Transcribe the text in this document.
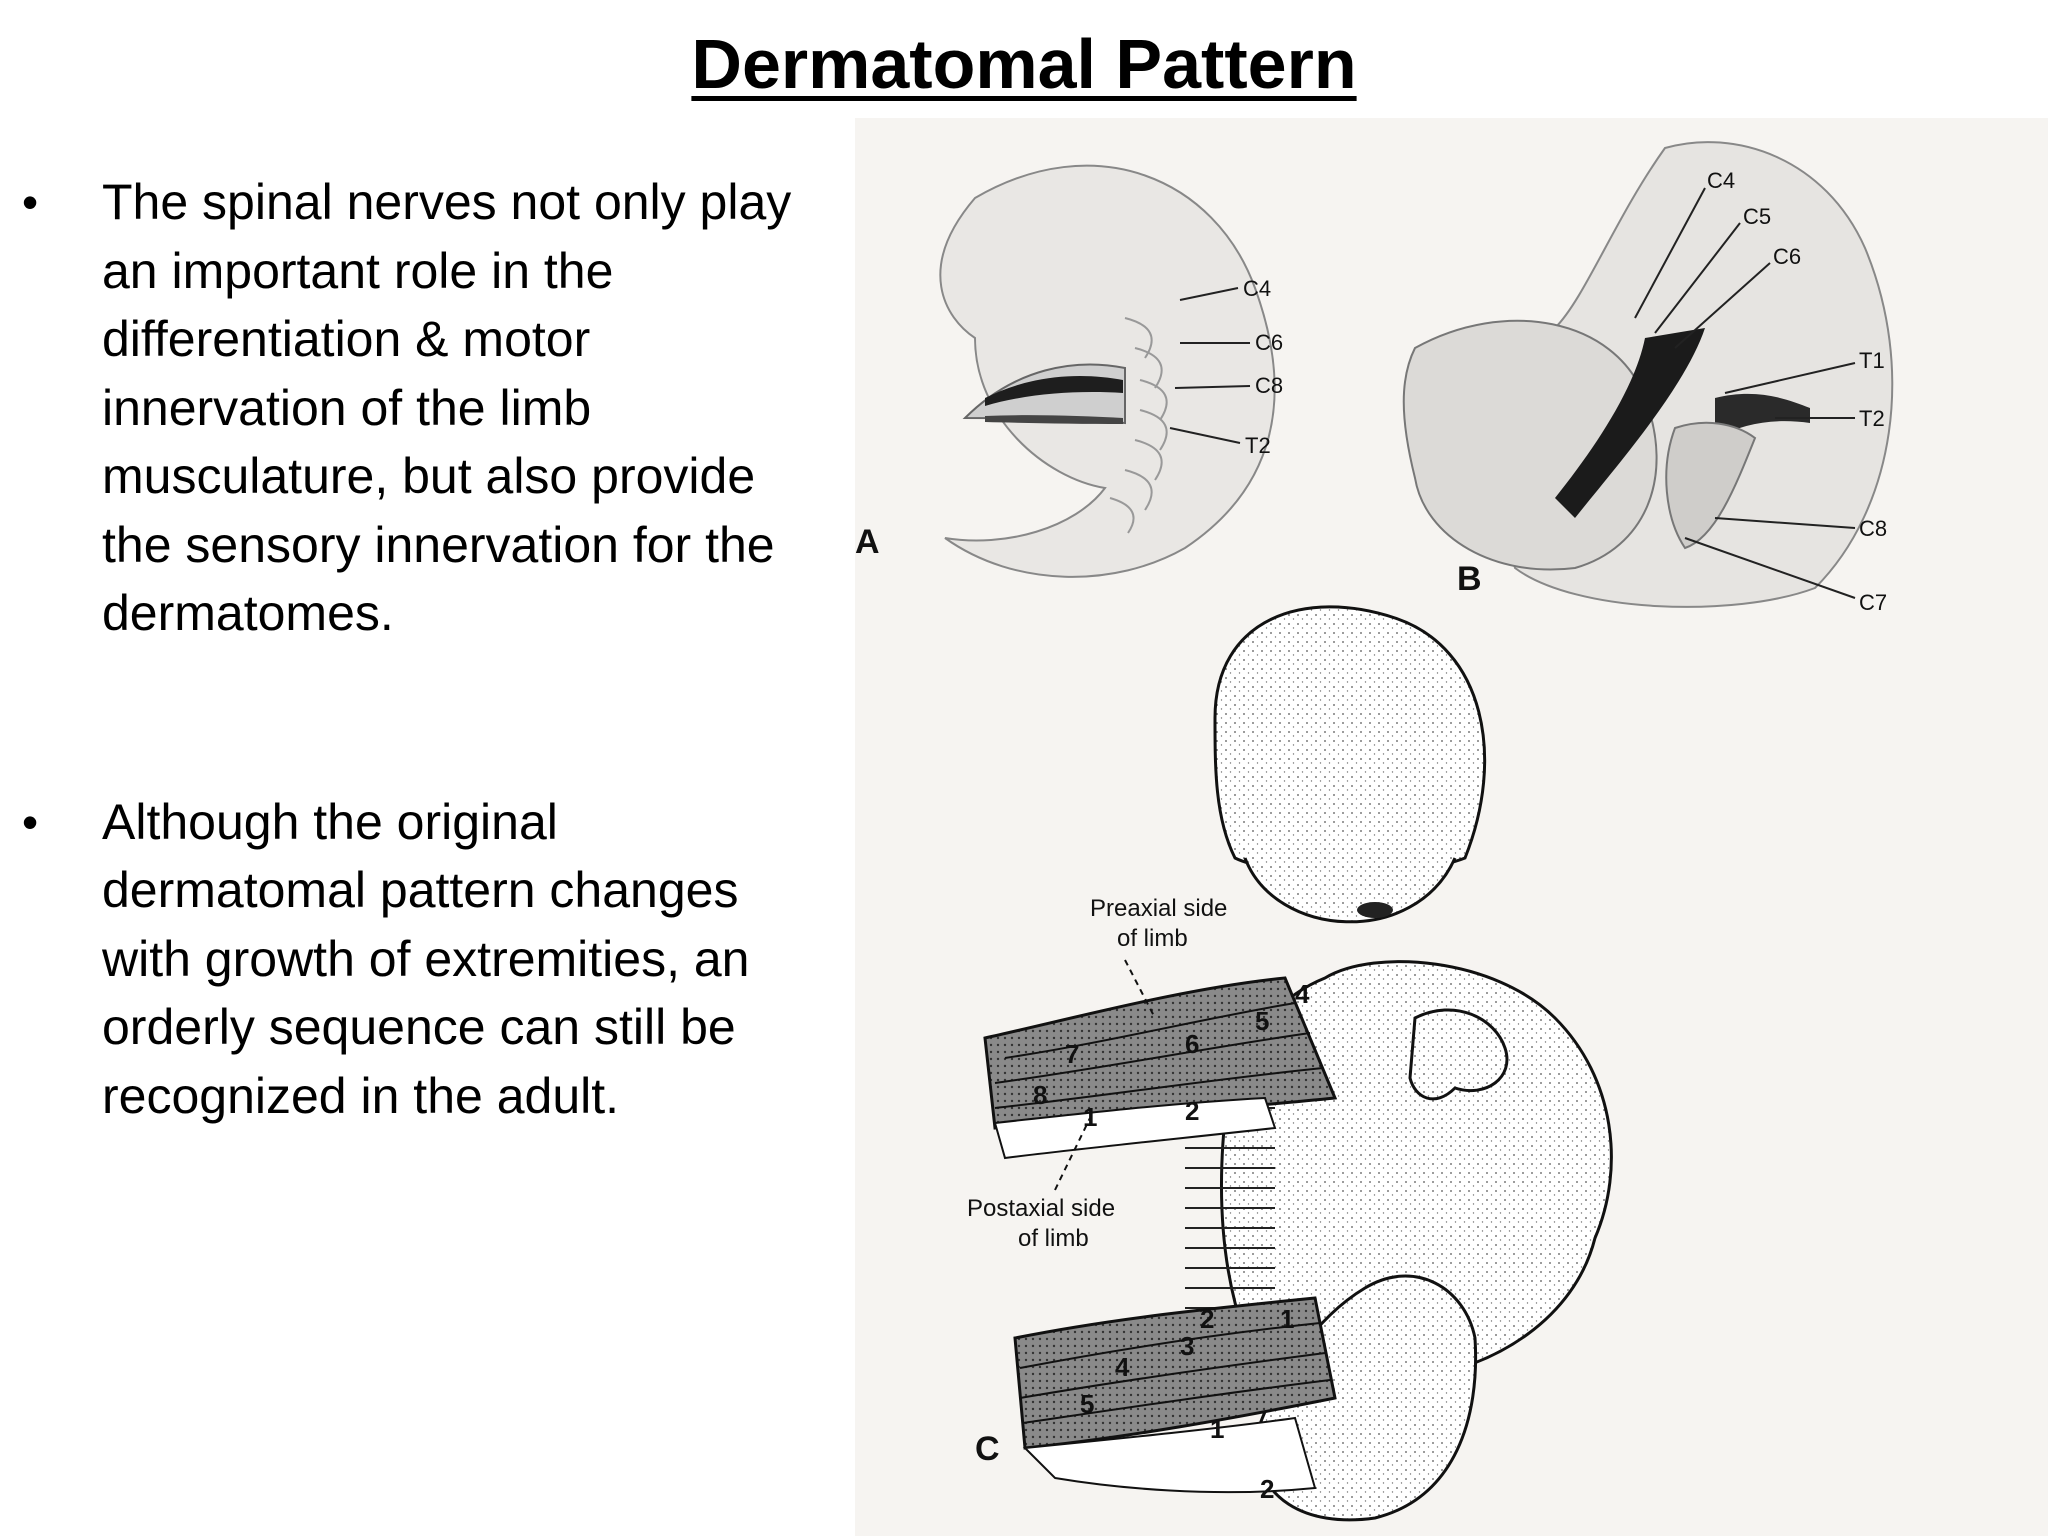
Dermatomal Pattern
• The spinal nerves not only play an important role in the differentiation & motor innervation of the limb musculature, but also provide the sensory innervation for the dermatomes.
• Although the original dermatomal pattern changes with growth of extremities, an orderly sequence can still be recognized in the adult.
C4
C6
C8
T2
A
C4
C5
C6
T1
T2
C8
C7
B
4
5
6
7
8
1	2
2	1
3
4
5
1
2
Preaxial side
of limb
Postaxial side
of limb
C
